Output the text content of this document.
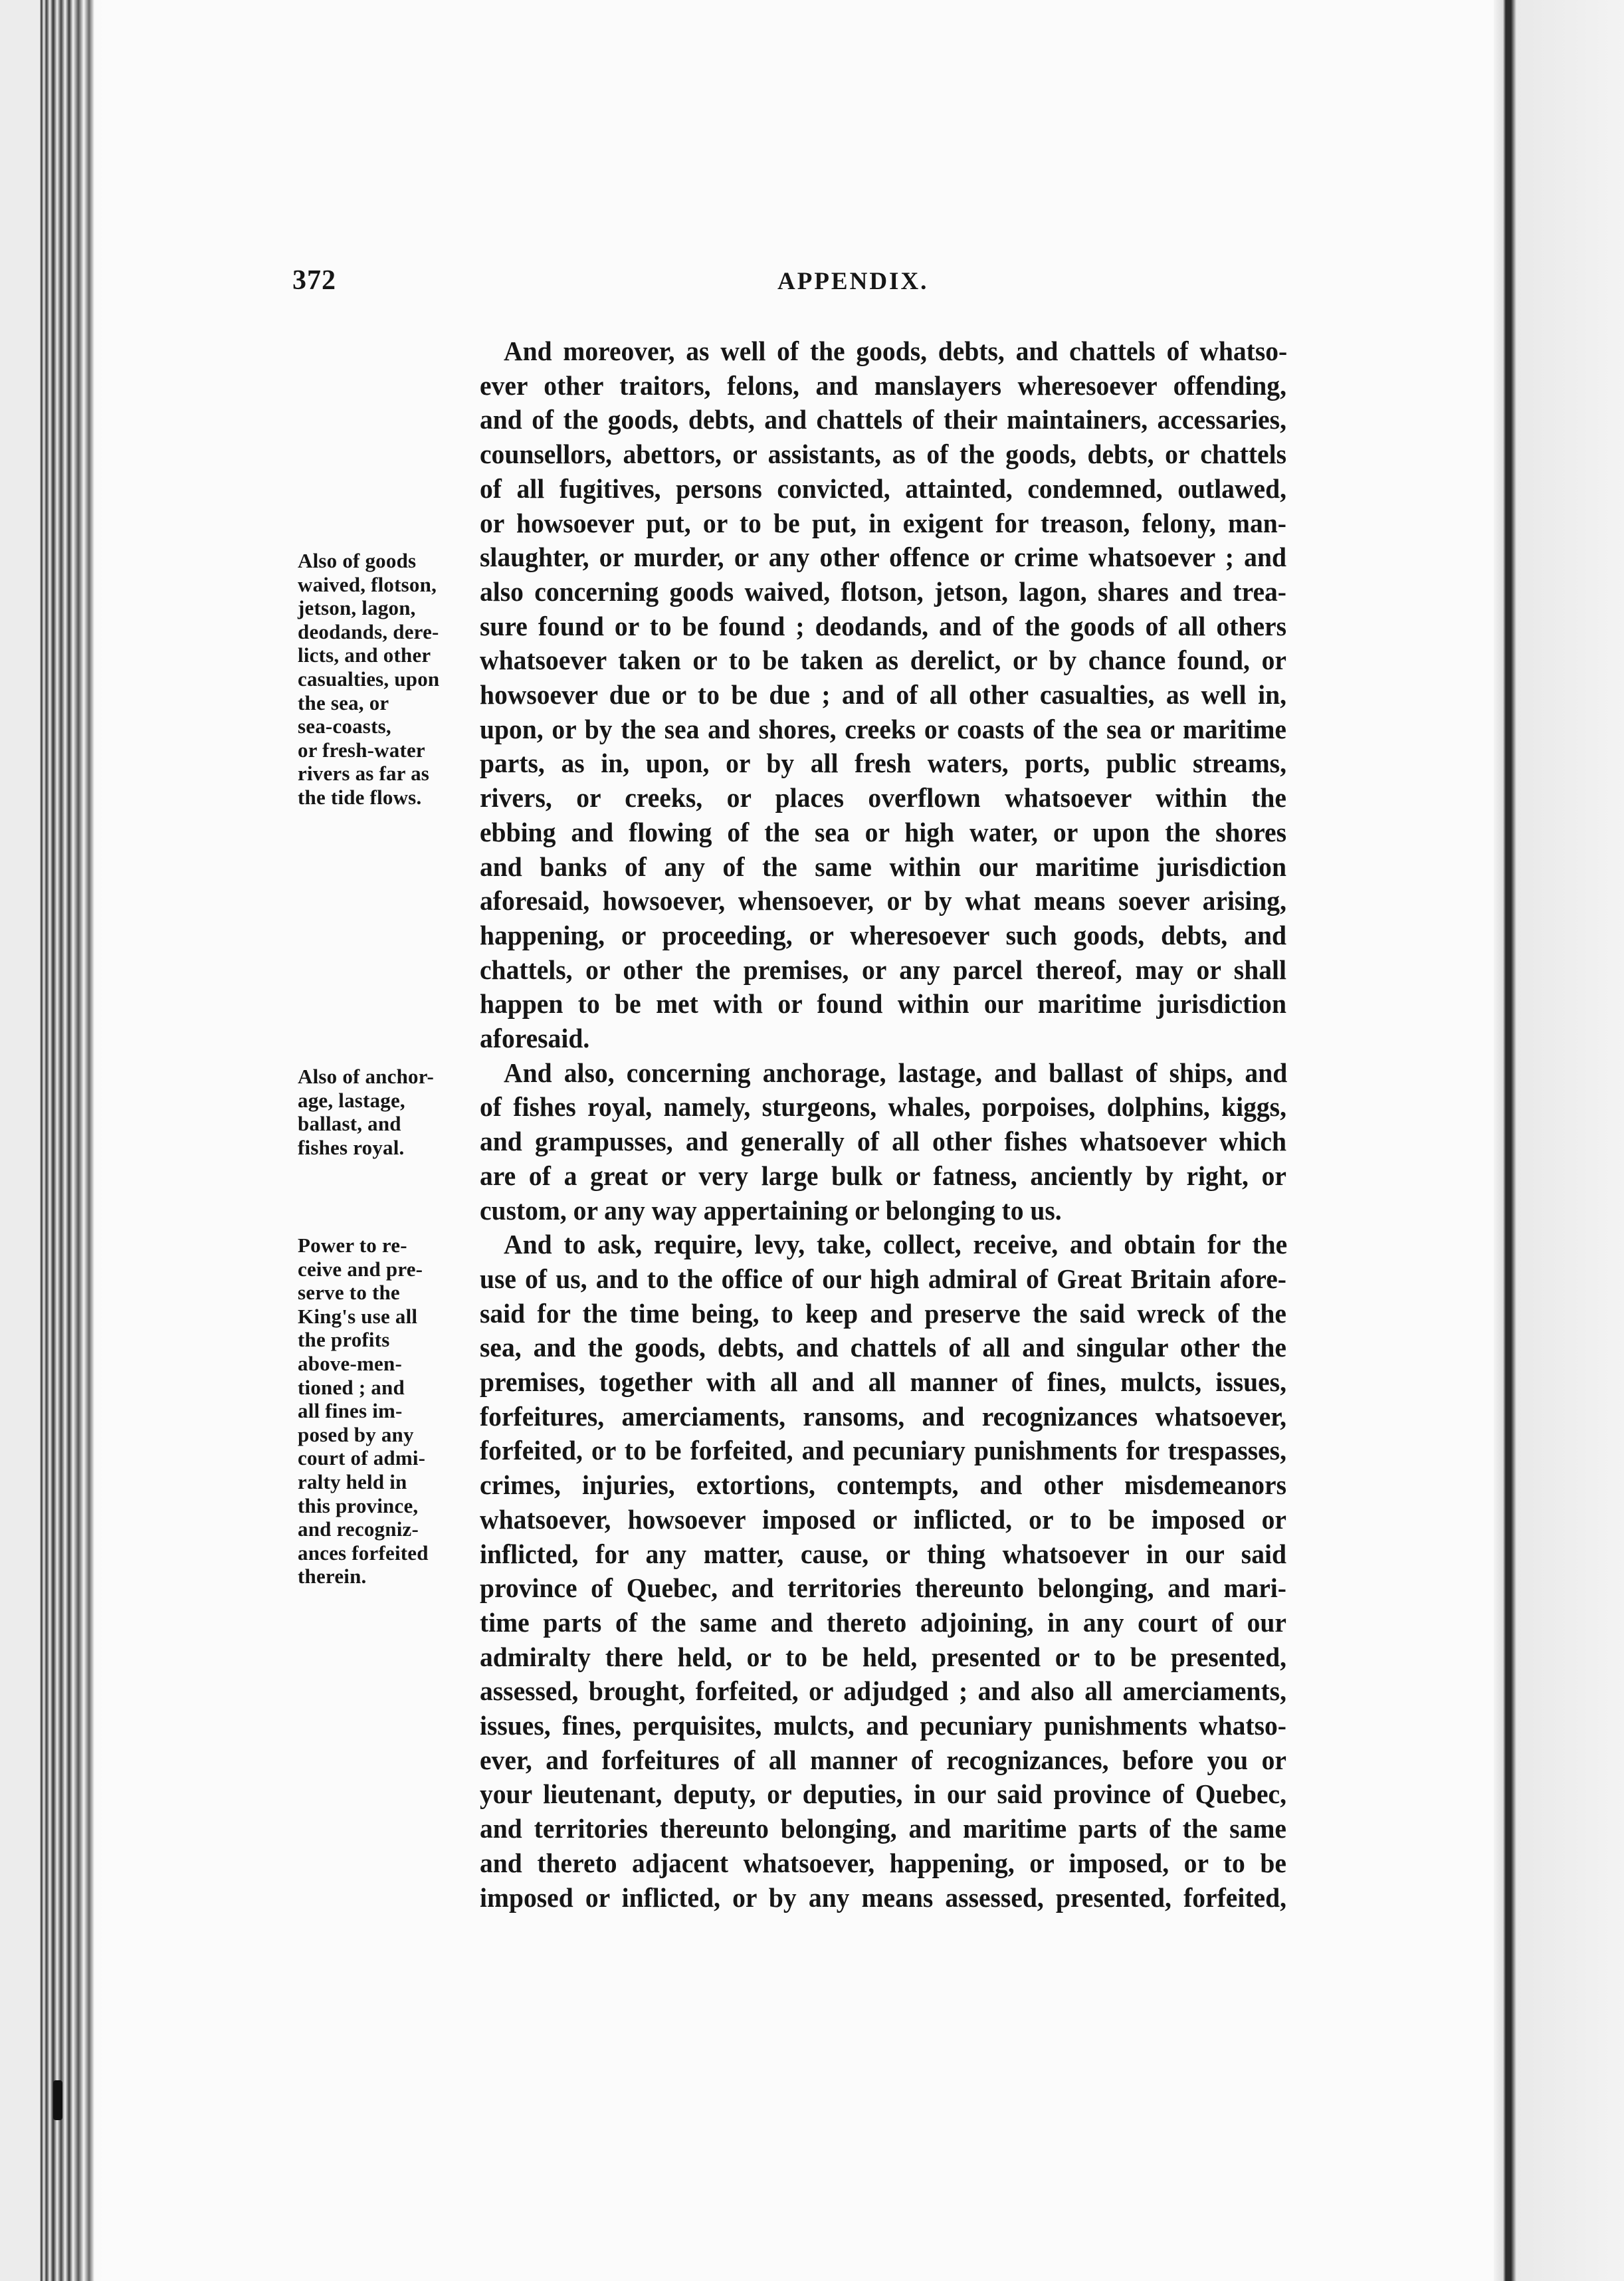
372	APPENDIX.
And moreover, as well of the goods, debts, and chattels of whatso-
ever other traitors, felons, and manslayers wheresoever offending,
and of the goods, debts, and chattels of their maintainers, accessaries,
counsellors, abettors, or assistants, as of the goods, debts, or chattels
of all fugitives, persons convicted, attainted, condemned, outlawed,
or howsoever put, or to be put, in exigent for treason, felony, man-
slaughter, or murder, or any other offence or crime whatsoever ; and
also concerning goods waived, flotson, jetson, lagon, shares and trea-
sure found or to be found ; deodands, and of the goods of all others
whatsoever taken or to be taken as derelict, or by chance found, or
howsoever due or to be due ; and of all other casualties, as well in,
upon, or by the sea and shores, creeks or coasts of the sea or maritime
parts, as in, upon, or by all fresh waters, ports, public streams,
rivers, or creeks, or places overflown whatsoever within the
ebbing and flowing of the sea or high water, or upon the shores
and banks of any of the same within our maritime jurisdiction
aforesaid, howsoever, whensoever, or by what means soever arising,
happening, or proceeding, or wheresoever such goods, debts, and
chattels, or other the premises, or any parcel thereof, may or shall
happen to be met with or found within our maritime jurisdiction
aforesaid.
And also, concerning anchorage, lastage, and ballast of ships, and
of fishes royal, namely, sturgeons, whales, porpoises, dolphins, kiggs,
and grampusses, and generally of all other fishes whatsoever which
are of a great or very large bulk or fatness, anciently by right, or
custom, or any way appertaining or belonging to us.
And to ask, require, levy, take, collect, receive, and obtain for the
use of us, and to the office of our high admiral of Great Britain afore-
said for the time being, to keep and preserve the said wreck of the
sea, and the goods, debts, and chattels of all and singular other the
premises, together with all and all manner of fines, mulcts, issues,
forfeitures, amerciaments, ransoms, and recognizances whatsoever,
forfeited, or to be forfeited, and pecuniary punishments for trespasses,
crimes, injuries, extortions, contempts, and other misdemeanors
whatsoever, howsoever imposed or inflicted, or to be imposed or
inflicted, for any matter, cause, or thing whatsoever in our said
province of Quebec, and territories thereunto belonging, and mari-
time parts of the same and thereto adjoining, in any court of our
admiralty there held, or to be held, presented or to be presented,
assessed, brought, forfeited, or adjudged ; and also all amerciaments,
issues, fines, perquisites, mulcts, and pecuniary punishments whatso-
ever, and forfeitures of all manner of recognizances, before you or
your lieutenant, deputy, or deputies, in our said province of Quebec,
and territories thereunto belonging, and maritime parts of the same
and thereto adjacent whatsoever, happening, or imposed, or to be
imposed or inflicted, or by any means assessed, presented, forfeited,
Also of goods
waived, flotson,
jetson, lagon,
deodands, dere-
licts, and other
casualties, upon
the sea, or
sea-coasts,
or fresh-water
rivers as far as
the tide flows.
Also of anchor-
age, lastage,
ballast, and
fishes royal.
Power to re-
ceive and pre-
serve to the
King's use all
the profits
above-men-
tioned ; and
all fines im-
posed by any
court of admi-
ralty held in
this province,
and recogniz-
ances forfeited
therein.
